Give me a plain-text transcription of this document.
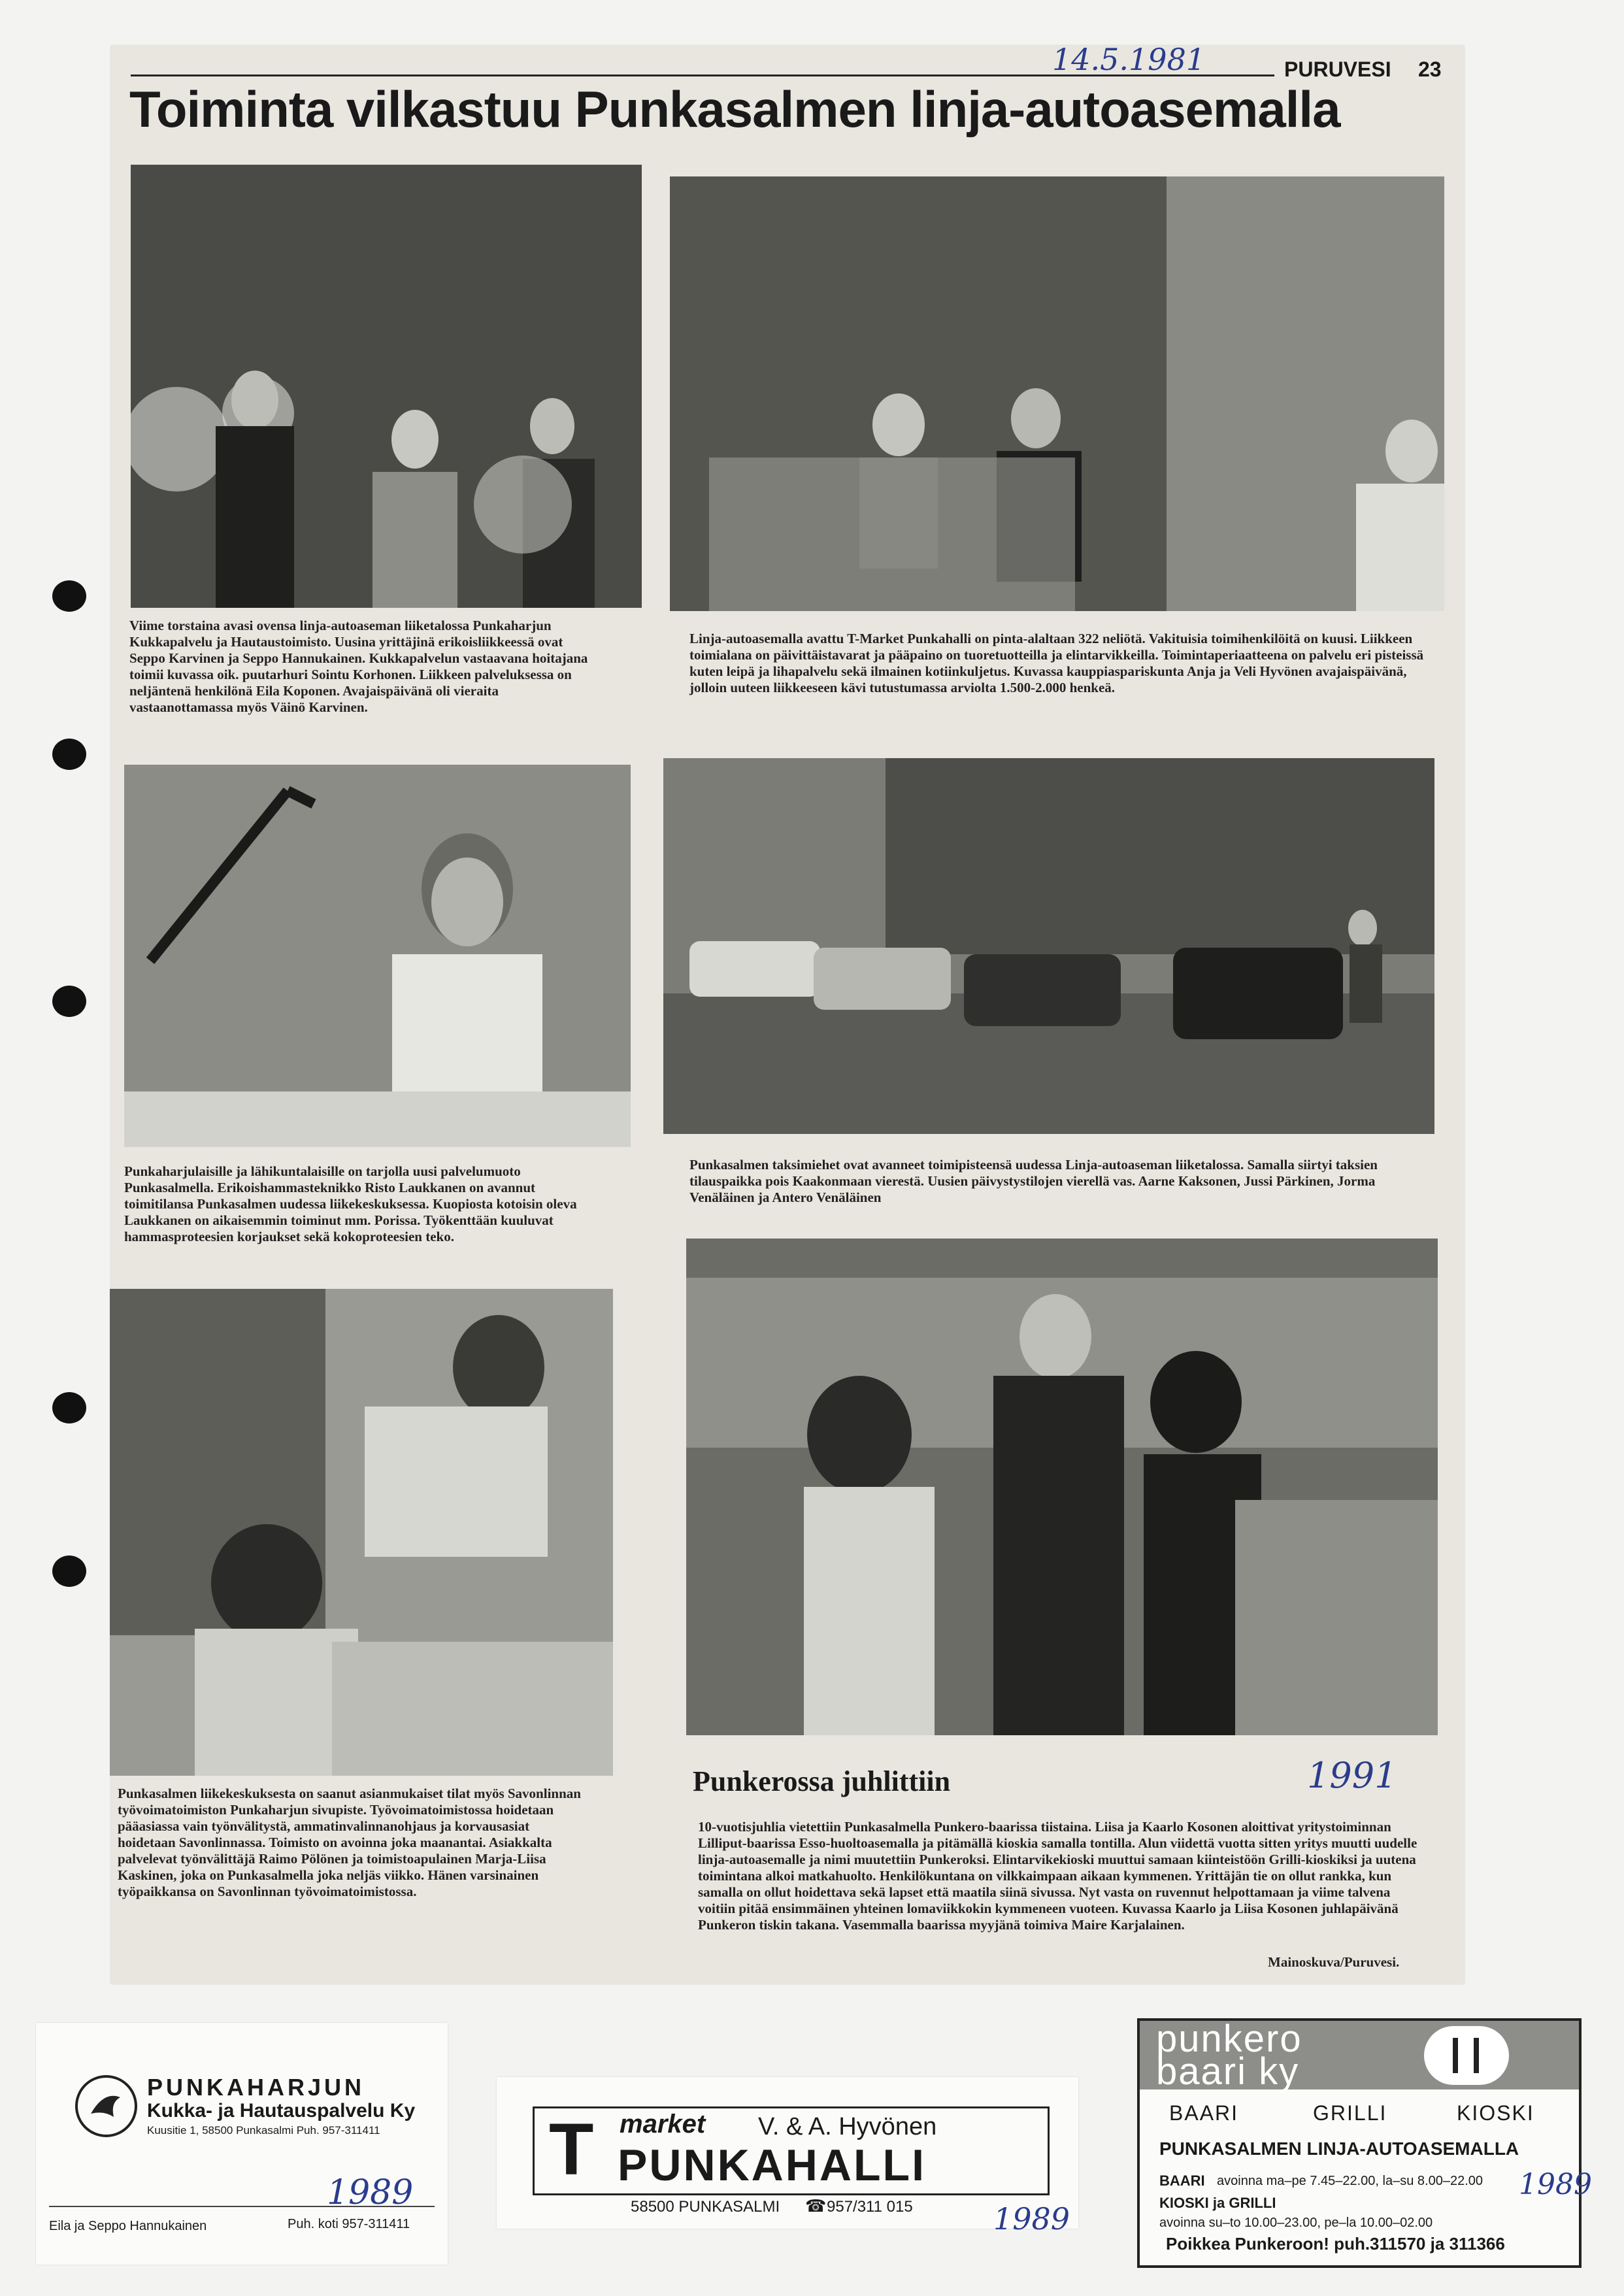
14.5.1981	PURUVESI 23
Toiminta vilkastuu Punkasalmen linja-autoasemalla
Viime torstaina avasi ovensa linja-autoaseman liiketalossa Punkaharjun Kukkapalvelu ja Hautaustoimisto. Uusina yrittäjinä erikoisliikkeessä ovat Seppo Karvinen ja Seppo Hannukainen. Kukkapalvelun vastaavana hoitajana toimii kuvassa oik. puutarhuri Sointu Korhonen. Liikkeen palveluksessa on neljäntenä henkilönä Eila Koponen. Avajaispäivänä oli vieraita vastaanottamassa myös Väinö Karvinen.
Linja-autoasemalla avattu T-Market Punkahalli on pinta-alaltaan 322 neliötä. Vakituisia toimihenkilöitä on kuusi. Liikkeen toimialana on päivittäistavarat ja pääpaino on tuoretuotteilla ja elintarvikkeilla. Toimintaperiaatteena on palvelu eri pisteissä kuten leipä ja lihapalvelu sekä ilmainen kotiinkuljetus. Kuvassa kauppiaspariskunta Anja ja Veli Hyvönen avajaispäivänä, jolloin uuteen liikkeeseen kävi tutustumassa arviolta 1.500-2.000 henkeä.
Punkaharjulaisille ja lähikuntalaisille on tarjolla uusi palvelumuoto Punkasalmella. Erikoishammasteknikko Risto Laukkanen on avannut toimitilansa Punkasalmen uudessa liikekeskuksessa. Kuopiosta kotoisin oleva Laukkanen on aikaisemmin toiminut mm. Porissa. Työkenttään kuuluvat hammasproteesien korjaukset sekä kokoproteesien teko.
Punkasalmen taksimiehet ovat avanneet toimipisteensä uudessa Linja-autoaseman liiketalossa. Samalla siirtyi taksien tilauspaikka pois Kaakonmaan vierestä. Uusien päivystystilojen vierellä vas. Aarne Kaksonen, Jussi Pärkinen, Jorma Venäläinen ja Antero Venäläinen
Punkasalmen liikekeskuksesta on saanut asianmukaiset tilat myös Savonlinnan työvoimatoimiston Punkaharjun sivupiste. Työvoimatoimistossa hoidetaan pääasiassa vain työnvälitystä, ammatinvalinnanohjaus ja korvausasiat hoidetaan Savonlinnassa. Toimisto on avoinna joka maanantai. Asiakkalta palvelevat työnvälittäjä Raimo Pölönen ja toimistoapulainen Marja-Liisa Kaskinen, joka on Punkasalmella joka neljäs viikko. Hänen varsinainen työpaikkansa on Savonlinnan työvoimatoimistossa.
Punkerossa juhlittiin	1991
10-vuotisjuhlia vietettiin Punkasalmella Punkero-baarissa tiistaina. Liisa ja Kaarlo Kosonen aloittivat yritystoiminnan Lilliput-baarissa Esso-huoltoasemalla ja pitämällä kioskia samalla tontilla. Alun viidettä vuotta sitten yritys muutti uudelle linja-autoasemalle ja nimi muutettiin Punkeroksi. Elintarvikekioski muuttui samaan kiinteistöön Grilli-kioskiksi ja uutena toimintana alkoi matkahuolto. Henkilökuntana on vilkkaimpaan aikaan kymmenen. Yrittäjän tie on ollut rankka, kun samalla on ollut hoidettava sekä lapset että maatila siinä sivussa. Nyt vasta on ruvennut helpottamaan ja viime talvena voitiin pitää ensimmäinen yhteinen lomaviikkokin kymmeneen vuoteen. Kuvassa Kaarlo ja Liisa Kosonen juhlapäivänä Punkeron tiskin takana. Vasemmalla baarissa myyjänä toimiva Maire Karjalainen.
Mainoskuva/Puruvesi.
PUNKAHARJUN
Kukka- ja Hautauspalvelu Ky
Kuusitie 1, 58500 Punkasalmi Puh. 957-311411
1989
Eila ja Seppo Hannukainen	Puh. koti 957-311411
T market V. & A. Hyvönen
PUNKAHALLI
58500 PUNKASALMI ☎ 957/311 015	1989
punkero
baari ky
BAARI	GRILLI	KIOSKI
PUNKASALMEN LINJA-AUTOASEMALLA
BAARI avoinna ma–pe 7.45–22.00, la–su 8.00–22.00
KIOSKI ja GRILLI
avoinna su–to 10.00–23.00, pe–la 10.00–02.00
Poikkea Punkeroon! puh.311570 ja 311366
1989
